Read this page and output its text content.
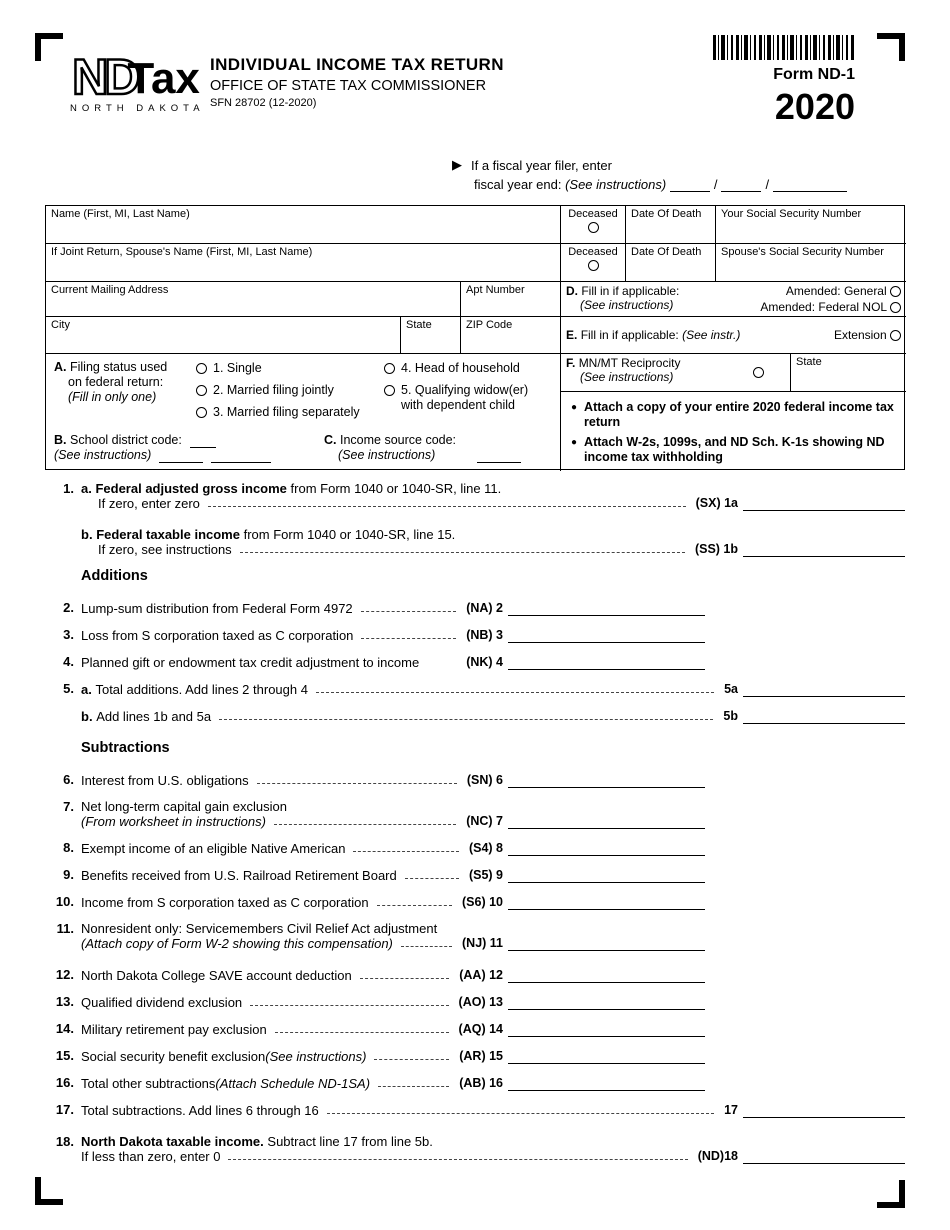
ND
Tax
NORTH DAKOTA
INDIVIDUAL INCOME TAX RETURN
OFFICE OF STATE TAX COMMISSIONER
SFN 28702 (12-2020)
Form ND-1
2020
▶ If a fiscal year filer, enter
fiscal year end: (See instructions)	/	/
Name (First, MI, Last Name)	Deceased	Date Of Death	Your Social Security Number
If Joint Return, Spouse's Name (First, MI, Last Name)	Deceased	Date Of Death	Spouse's Social Security Number
Current Mailing Address	Apt Number	D. Fill in if applicable:
(See instructions)
Amended: General
Amended: Federal NOL
City	State	ZIP Code
E. Fill in if applicable: (See instr.)	Extension
A. Filing status used
on federal return:
(Fill in only one)
1. Single
2. Married filing jointly
3. Married filing separately
4. Head of household
5. Qualifying widow(er)
with dependent child
B. School district code:
(See instructions)
C. Income source code:
(See instructions)
F. MN/MT Reciprocity
(See instructions)
State
● Attach a copy of your entire 2020 federal income tax return
● Attach W-2s, 1099s, and ND Sch. K-1s showing ND income tax withholding
1. a. Federal adjusted gross income from Form 1040 or 1040-SR, line 11.
If zero, enter zero	(SX) 1a
b. Federal taxable income from Form 1040 or 1040-SR, line 15.
If zero, see instructions	(SS) 1b
Additions
2. Lump-sum distribution from Federal Form 4972	(NA) 2
3. Loss from S corporation taxed as C corporation	(NB) 3
4. Planned gift or endowment tax credit adjustment to income	(NK) 4
5. a.
Total additions. Add lines 2 through 4	5a
b.
Add lines 1b and 5a	5b
Subtractions
6. Interest from U.S. obligations	(SN) 6
7. Net long-term capital gain exclusion
(From worksheet in instructions)	(NC) 7
8. Exempt income of an eligible Native American	(S4) 8
9. Benefits received from U.S. Railroad Retirement Board	(S5) 9
10. Income from S corporation taxed as C corporation	(S6) 10
11. Nonresident only: Servicemembers Civil Relief Act adjustment
(Attach copy of Form W-2 showing this compensation)	(NJ) 11
12. North Dakota College SAVE account deduction	(AA) 12
13. Qualified dividend exclusion	(AO) 13
14. Military retirement pay exclusion	(AQ) 14
15. Social security benefit exclusion (See instructions)	(AR) 15
16. Total other subtractions (Attach Schedule ND-1SA)	(AB) 16
17. Total subtractions. Add lines 6 through 16	17
18. North Dakota taxable income. Subtract line 17 from line 5b.
If less than zero, enter 0	(ND)18
